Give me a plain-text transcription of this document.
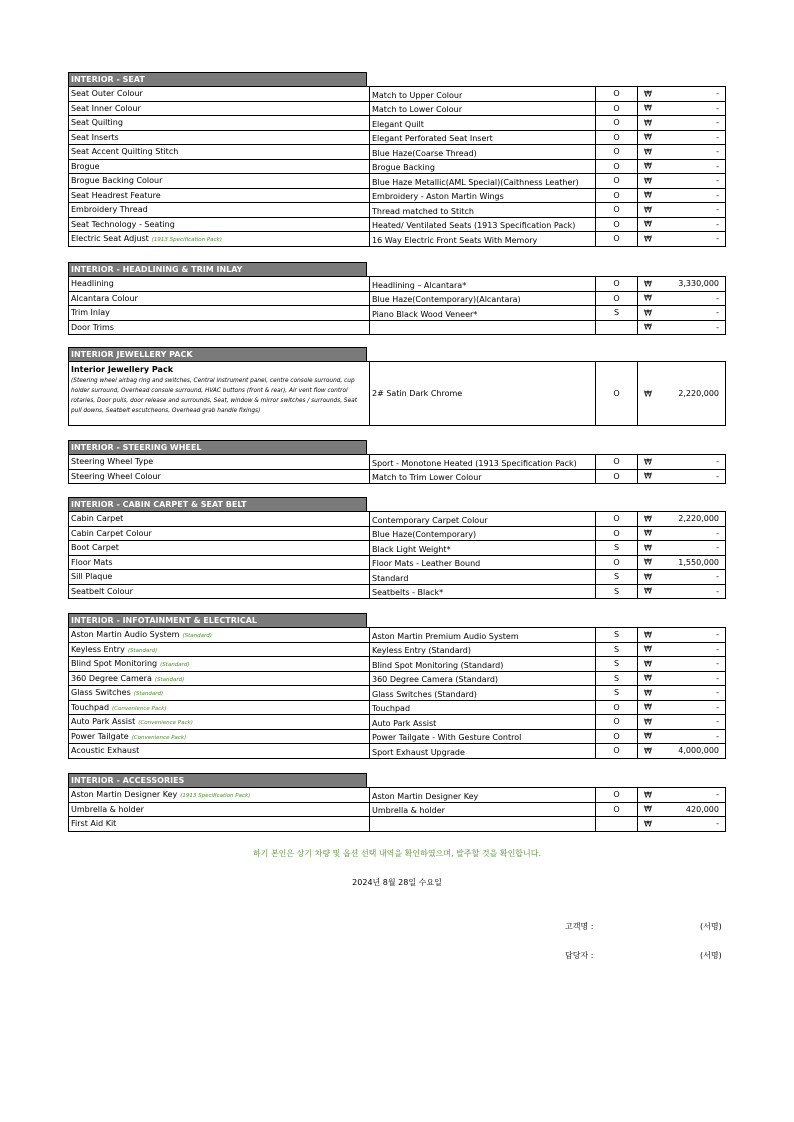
INTERIOR - SEAT
Seat Outer Colour	Match to Upper Colour	O	₩ -
Seat Inner Colour	Match to Lower Colour	O	₩ -
Seat Quilting	Elegant Quilt	O	₩ -
Seat Inserts	Elegant Perforated Seat Insert	O	₩ -
Seat Accent Quilting Stitch	Blue Haze(Coarse Thread)	O	₩ -
Brogue	Brogue Backing	O	₩ -
Brogue Backing Colour	Blue Haze Metallic(AML Special)(Caithness Leather)	O	₩ -
Seat Headrest Feature	Embroidery - Aston Martin Wings	O	₩ -
Embroidery Thread	Thread matched to Stitch	O	₩ -
Seat Technology - Seating	Heated/ Ventilated Seats (1913 Specification Pack)	O	₩ -
Electric Seat Adjust (1913 Specification Pack)	16 Way Electric Front Seats With Memory	O	₩ -
INTERIOR - HEADLINING & TRIM INLAY
Headlining	Headlining – Alcantara*	O	₩ 3,330,000
Alcantara Colour	Blue Haze(Contemporary)(Alcantara)	O	₩ -
Trim Inlay	Piano Black Wood Veneer*	S	₩ -
Door Trims			₩ -
INTERIOR JEWELLERY PACK
Interior Jewellery Pack
(Steering wheel airbag ring and switches, Central instrument panel, centre console surround, cup holder surround, Overhead console surround, HVAC buttons (front & rear), Air vent flow control rotaries, Door pulls, door release and surrounds, Seat, window & mirror switches / surrounds, Seat pull downs, Seatbelt escutcheons, Overhead grab handle fixings)
	2# Satin Dark Chrome	O	₩	2,220,000
INTERIOR - STEERING WHEEL
Steering Wheel Type	Sport - Monotone Heated (1913 Specification Pack)	O	₩ -
Steering Wheel Colour	Match to Trim Lower Colour	O	₩ -
INTERIOR - CABIN CARPET & SEAT BELT
Cabin Carpet	Contemporary Carpet Colour	O	₩ 2,220,000
Cabin Carpet Colour	Blue Haze(Contemporary)	O	₩ -
Boot Carpet	Black Light Weight*	S	₩ -
Floor Mats	Floor Mats - Leather Bound	O	₩ 1,550,000
Sill Plaque	Standard	S	₩ -
Seatbelt Colour	Seatbelts - Black*	S	₩ -
INTERIOR - INFOTAINMENT & ELECTRICAL
Aston Martin Audio System (Standard)	Aston Martin Premium Audio System	S	₩ -
Keyless Entry (Standard)	Keyless Entry (Standard)	S	₩ -
Blind Spot Monitoring (Standard)	Blind Spot Monitoring (Standard)	S	₩ -
360 Degree Camera (Standard)	360 Degree Camera (Standard)	S	₩ -
Glass Switches (Standard)	Glass Switches (Standard)	S	₩ -
Touchpad (Convenience Pack)	Touchpad	O	₩ -
Auto Park Assist (Convenience Pack)	Auto Park Assist	O	₩ -
Power Tailgate (Convenience Pack)	Power Tailgate - With Gesture Control	O	₩ -
Acoustic Exhaust	Sport Exhaust Upgrade	O	₩ 4,000,000
INTERIOR - ACCESSORIES
Aston Martin Designer Key (1913 Specification Pack)	Aston Martin Designer Key	O	₩ -
Umbrella & holder	Umbrella & holder	O	₩ 420,000
First Aid Kit			₩ -
하기 본인은 상기 차량 및 옵션 선택 내역을 확인하였으며, 발주할 것을 확인합니다.
2024년 8월 28일 수요일
고객명 :	(서명)
담당자 :	(서명)
